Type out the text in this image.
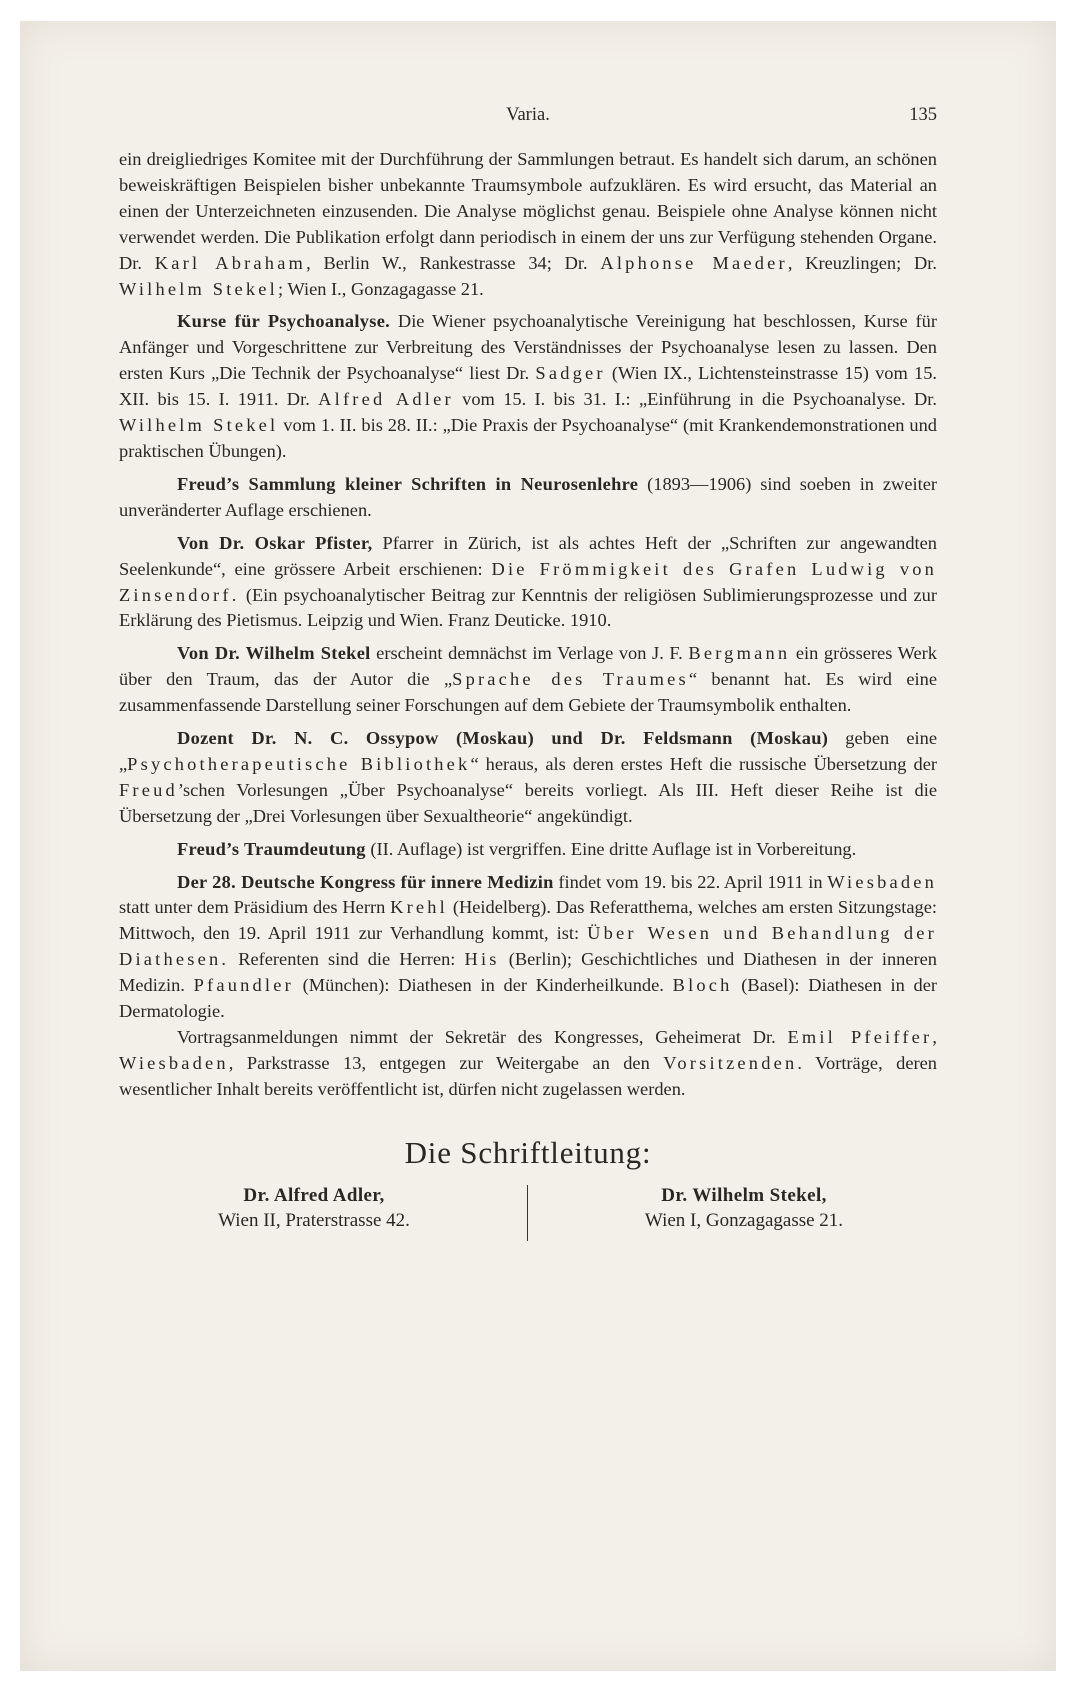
Varia.	135

ein dreigliedriges Komitee mit der Durchführung der Sammlungen betraut. Es handelt sich darum, an schönen beweiskräftigen Beispielen bisher unbekannte Traumsymbole aufzuklären. Es wird ersucht, das Material an einen der Unterzeichneten einzusenden. Die Analyse möglichst genau. Beispiele ohne Analyse können nicht verwendet werden. Die Publikation erfolgt dann periodisch in einem der uns zur Verfügung stehenden Organe. Dr. Karl Abraham, Berlin W., Rankestrasse 34; Dr. Alphonse Maeder, Kreuzlingen; Dr. Wilhelm Stekel; Wien I., Gonzagagasse 21.

Kurse für Psychoanalyse. Die Wiener psychoanalytische Vereinigung hat beschlossen, Kurse für Anfänger und Vorgeschrittene zur Verbreitung des Verständnisses der Psychoanalyse lesen zu lassen. Den ersten Kurs „Die Technik der Psychoanalyse“ liest Dr. Sadger (Wien IX., Lichtensteinstrasse 15) vom 15. XII. bis 15. I. 1911. Dr. Alfred Adler vom 15. I. bis 31. I.: „Einführung in die Psychoanalyse. Dr. Wilhelm Stekel vom 1. II. bis 28. II.: „Die Praxis der Psychoanalyse“ (mit Krankendemonstrationen und praktischen Übungen).

Freud’s Sammlung kleiner Schriften in Neurosenlehre (1893—1906) sind soeben in zweiter unveränderter Auflage erschienen.

Von Dr. Oskar Pfister, Pfarrer in Zürich, ist als achtes Heft der „Schriften zur angewandten Seelenkunde“, eine grössere Arbeit erschienen: Die Frömmigkeit des Grafen Ludwig von Zinsendorf. (Ein psychoanalytischer Beitrag zur Kenntnis der religiösen Sublimierungsprozesse und zur Erklärung des Pietismus. Leipzig und Wien. Franz Deuticke. 1910.

Von Dr. Wilhelm Stekel erscheint demnächst im Verlage von J. F. Bergmann ein grösseres Werk über den Traum, das der Autor die „Sprache des Traumes“ benannt hat. Es wird eine zusammenfassende Darstellung seiner Forschungen auf dem Gebiete der Traumsymbolik enthalten.

Dozent Dr. N. C. Ossypow (Moskau) und Dr. Feldsmann (Moskau) geben eine „Psychotherapeutische Bibliothek“ heraus, als deren erstes Heft die russische Übersetzung der Freud’schen Vorlesungen „Über Psychoanalyse“ bereits vorliegt. Als III. Heft dieser Reihe ist die Übersetzung der „Drei Vorlesungen über Sexualtheorie“ angekündigt.

Freud’s Traumdeutung (II. Auflage) ist vergriffen. Eine dritte Auflage ist in Vorbereitung.

Der 28. Deutsche Kongress für innere Medizin findet vom 19. bis 22. April 1911 in Wiesbaden statt unter dem Präsidium des Herrn Krehl (Heidelberg). Das Referatthema, welches am ersten Sitzungstage: Mittwoch, den 19. April 1911 zur Verhandlung kommt, ist: Über Wesen und Behandlung der Diathesen. Referenten sind die Herren: His (Berlin); Geschichtliches und Diathesen in der inneren Medizin. Pfaundler (München): Diathesen in der Kinderheilkunde. Bloch (Basel): Diathesen in der Dermatologie.

Vortragsanmeldungen nimmt der Sekretär des Kongresses, Geheimerat Dr. Emil Pfeiffer, Wiesbaden, Parkstrasse 13, entgegen zur Weitergabe an den Vorsitzenden. Vorträge, deren wesentlicher Inhalt bereits veröffentlicht ist, dürfen nicht zugelassen werden.

Die Schriftleitung:
Dr. Alfred Adler,
Wien II, Praterstrasse 42.
Dr. Wilhelm Stekel,
Wien I, Gonzagagasse 21.
